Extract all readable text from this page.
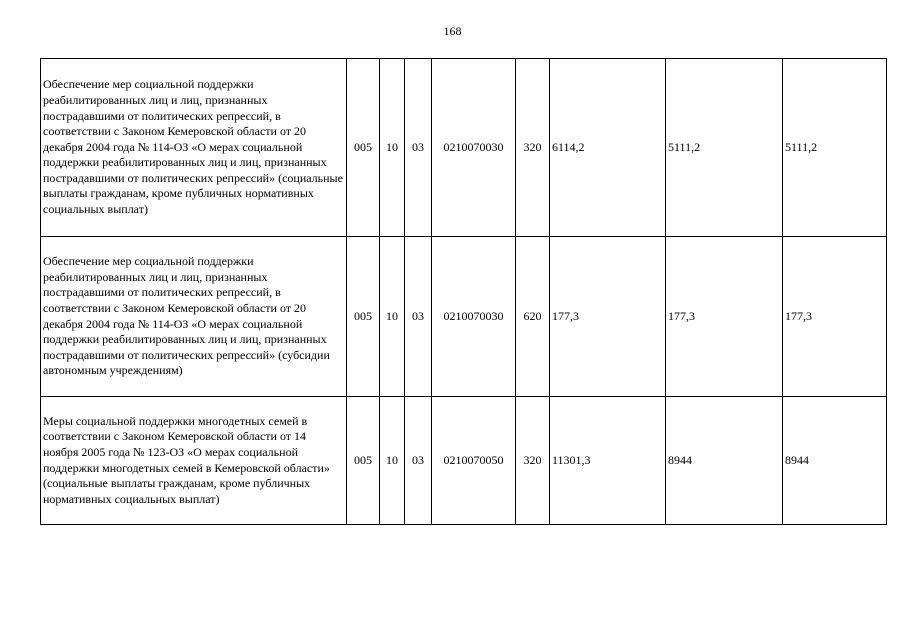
168
Обеспечение мер социальной поддержки реабилитированных лиц и лиц, признанных пострадавшими от политических репрессий, в соответствии с Законом Кемеровской области от 20 декабря 2004 года № 114-ОЗ «О мерах социальной поддержки реабилитированных лиц и лиц, признанных пострадавшими от политических репрессий» (социальные выплаты гражданам, кроме публичных нормативных социальных выплат)	005	10	03	0210070030	320	6114,2	5111,2	5111,2
Обеспечение мер социальной поддержки реабилитированных лиц и лиц, признанных пострадавшими от политических репрессий, в соответствии с Законом Кемеровской области от 20 декабря 2004 года № 114-ОЗ «О мерах социальной поддержки реабилитированных лиц и лиц, признанных пострадавшими от политических репрессий» (субсидии автономным учреждениям)	005	10	03	0210070030	620	177,3	177,3	177,3
Меры социальной поддержки многодетных семей в соответствии с Законом Кемеровской области от 14 ноября 2005 года № 123-ОЗ «О мерах социальной поддержки многодетных семей в Кемеровской области» (социальные выплаты гражданам, кроме публичных нормативных социальных выплат)	005	10	03	0210070050	320	11301,3	8944	8944
